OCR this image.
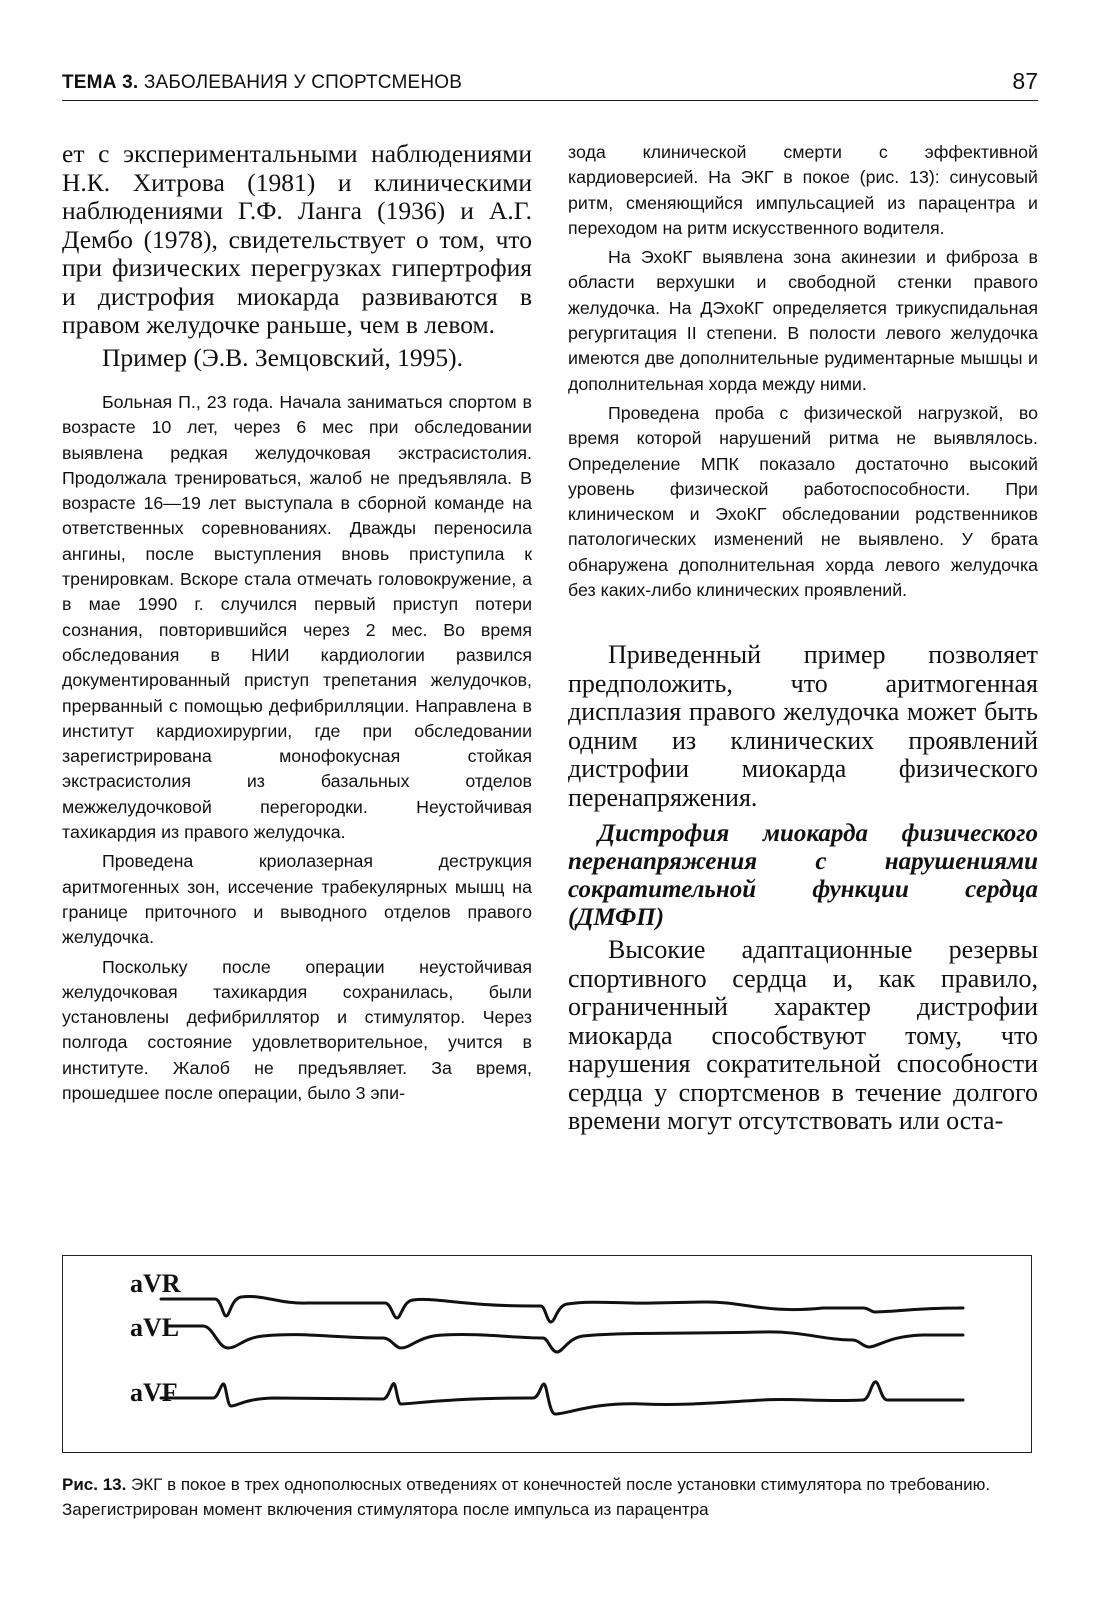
ТЕМА 3. ЗАБОЛЕВАНИЯ У СПОРТСМЕНОВ	87

ет с экспериментальными наблюдениями Н.К. Хитрова (1981) и клиническими наблюдениями Г.Ф. Ланга (1936) и А.Г. Дембо (1978), свидетельствует о том, что при физических перегрузках гипертрофия и дистрофия миокарда развиваются в правом желудочке раньше, чем в левом.

Пример (Э.В. Земцовский, 1995).

Больная П., 23 года. Начала заниматься спортом в возрасте 10 лет, через 6 мес при обследовании выявлена редкая желудочковая экстрасистолия. Продолжала тренироваться, жалоб не предъявляла. В возрасте 16—19 лет выступала в сборной команде на ответственных соревнованиях. Дважды переносила ангины, после выступления вновь приступила к тренировкам. Вскоре стала отмечать головокружение, а в мае 1990 г. случился первый приступ потери сознания, повторившийся через 2 мес. Во время обследования в НИИ кардиологии развился документированный приступ трепетания желудочков, прерванный с помощью дефибрилляции. Направлена в институт кардиохирургии, где при обследовании зарегистрирована монофокусная стойкая экстрасистолия из базальных отделов межжелудочковой перегородки. Неустойчивая тахикардия из правого желудочка.

Проведена криолазерная деструкция аритмогенных зон, иссечение трабекулярных мышц на границе приточного и выводного отделов правого желудочка.

Поскольку после операции неустойчивая желудочковая тахикардия сохранилась, были установлены дефибриллятор и стимулятор. Через полгода состояние удовлетворительное, учится в институте. Жалоб не предъявляет. За время, прошедшее после операции, было 3 эпи-

зода клинической смерти с эффективной кардиоверсией. На ЭКГ в покое (рис. 13): синусовый ритм, сменяющийся импульсацией из парацентра и переходом на ритм искусственного водителя.

На ЭхоКГ выявлена зона акинезии и фиброза в области верхушки и свободной стенки правого желудочка. На ДЭхоКГ определяется трикуспидальная регургитация II степени. В полости левого желудочка имеются две дополнительные рудиментарные мышцы и дополнительная хорда между ними.

Проведена проба с физической нагрузкой, во время которой нарушений ритма не выявлялось. Определение МПК показало достаточно высокий уровень физической работоспособности. При клиническом и ЭхоКГ обследовании родственников патологических изменений не выявлено. У брата обнаружена дополнительная хорда левого желудочка без каких-либо клинических проявлений.

Приведенный пример позволяет предположить, что аритмогенная дисплазия правого желудочка может быть одним из клинических проявлений дистрофии миокарда физического перенапряжения.

Дистрофия миокарда физического перенапряжения с нарушениями сократительной функции сердца (ДМФП)

Высокие адаптационные резервы спортивного сердца и, как правило, ограниченный характер дистрофии миокарда способствуют тому, что нарушения сократительной способности сердца у спортсменов в течение долгого времени могут отсутствовать или оста-

aVR
aVL
aVF
Рис. 13. ЭКГ в покое в трех однополюсных отведениях от конечностей после установки стимулятора по требованию. Зарегистрирован момент включения стимулятора после импульса из парацентра
